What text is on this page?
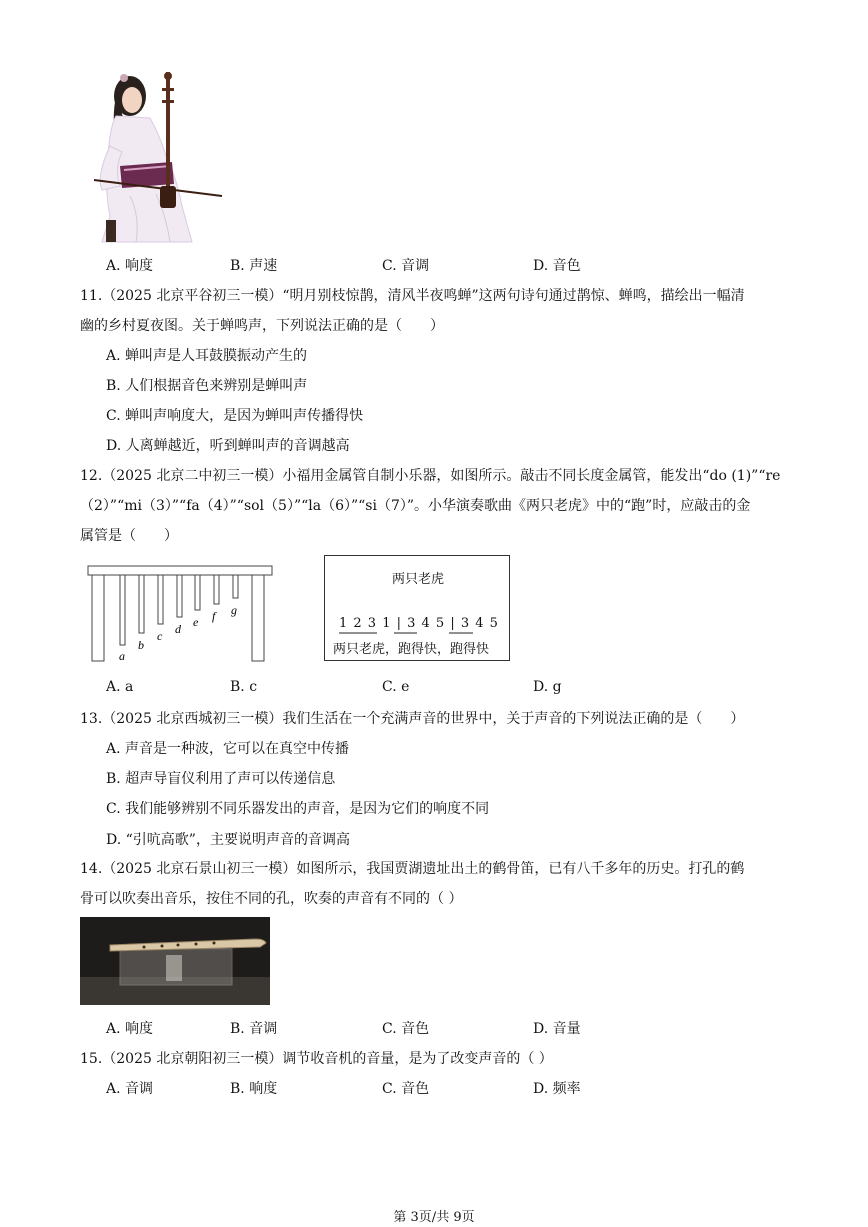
A. 响度	B. 声速	C. 音调	D. 音色
11.（2025 北京平谷初三一模）“明月别枝惊鹊，清风半夜鸣蝉”这两句诗句通过鹊惊、蝉鸣，描绘出一幅清
幽的乡村夏夜图。关于蝉鸣声，下列说法正确的是（　　）
A. 蝉叫声是人耳鼓膜振动产生的
B. 人们根据音色来辨别是蝉叫声
C. 蝉叫声响度大，是因为蝉叫声传播得快
D. 人离蝉越近，听到蝉叫声的音调越高
12.（2025 北京二中初三一模）小福用金属管自制小乐器，如图所示。敲击不同长度金属管，能发出“do (1)”“re
（2）”“mi（3）”“fa（4）”“sol（5）”“la（6）”“si（7）”。小华演奏歌曲《两只老虎》中的“跑”时，应敲击的金
属管是（　　）
a
b
c d e f g
两只老虎
1 2 3 1 | 3 4 5 | 3 4 5
两只老虎，跑得快，跑得快
A. a	B. c	C. e	D. g
13.（2025 北京西城初三一模）我们生活在一个充满声音的世界中，关于声音的下列说法正确的是（　　）
A. 声音是一种波，它可以在真空中传播
B. 超声导盲仪利用了声可以传递信息
C. 我们能够辨别不同乐器发出的声音，是因为它们的响度不同
D. “引吭高歌”，主要说明声音的音调高
14.（2025 北京石景山初三一模）如图所示，我国贾湖遗址出土的鹤骨笛，已有八千多年的历史。打孔的鹤
骨可以吹奏出音乐，按住不同的孔，吹奏的声音有不同的（ ）
A. 响度	B. 音调	C. 音色	D. 音量
15.（2025 北京朝阳初三一模）调节收音机的音量，是为了改变声音的（ ）
A. 音调	B. 响度	C. 音色	D. 频率
第 3页/共 9页
